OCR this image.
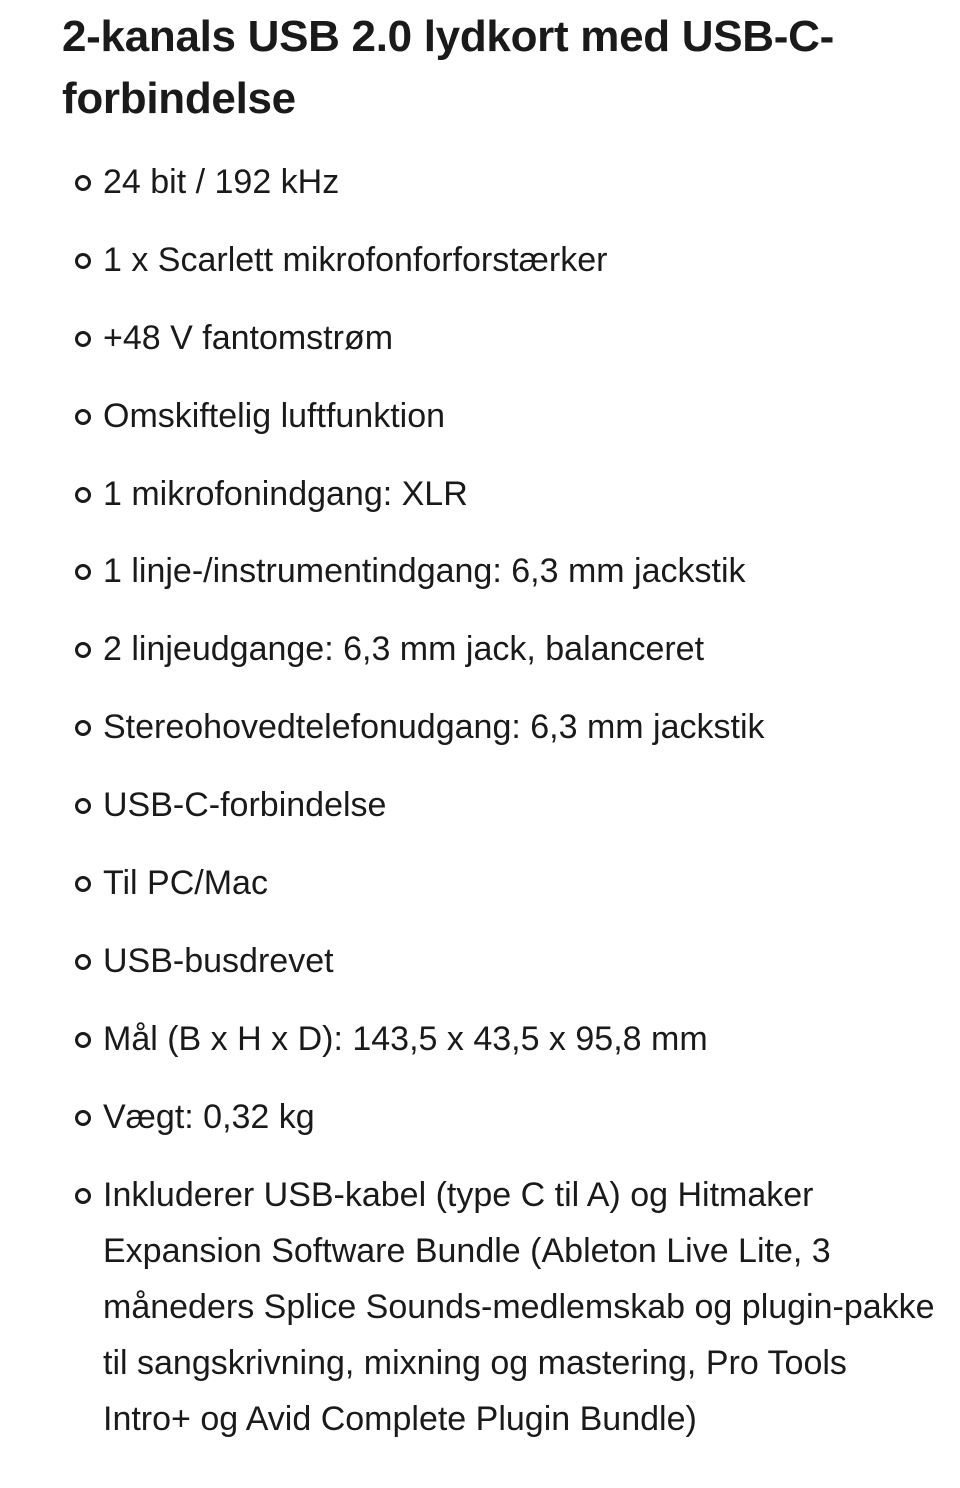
2-kanals USB 2.0 lydkort med USB-C-forbindelse
24 bit / 192 kHz
1 x Scarlett mikrofonforforstærker
+48 V fantomstrøm
Omskiftelig luftfunktion
1 mikrofonindgang: XLR
1 linje-/instrumentindgang: 6,3 mm jackstik
2 linjeudgange: 6,3 mm jack, balanceret
Stereohovedtelefonudgang: 6,3 mm jackstik
USB-C-forbindelse
Til PC/Mac
USB-busdrevet
Mål (B x H x D): 143,5 x 43,5 x 95,8 mm
Vægt: 0,32 kg
Inkluderer USB-kabel (type C til A) og Hitmaker Expansion Software Bundle (Ableton Live Lite, 3 måneders Splice Sounds-medlemskab og plugin-pakke til sangskrivning, mixning og mastering, Pro Tools Intro+ og Avid Complete Plugin Bundle)
